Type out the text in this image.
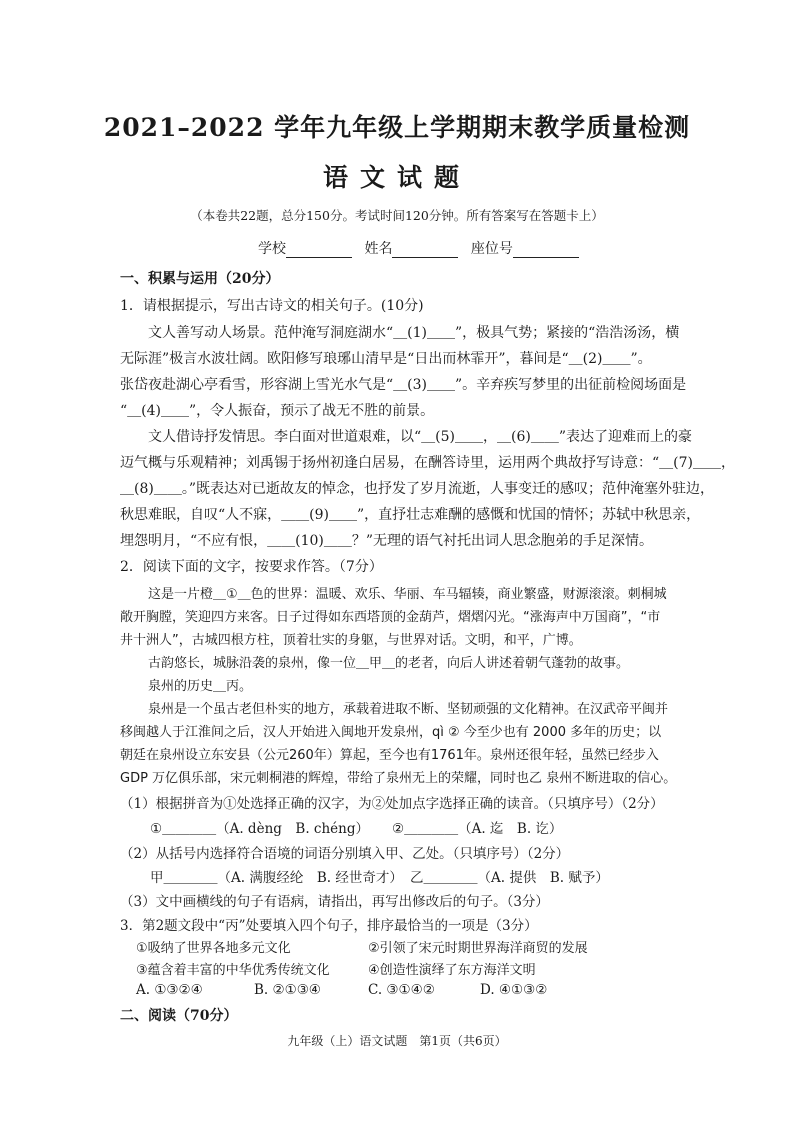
2021–2022 学年九年级上学期期末教学质量检测
语文试题
（本卷共22题，总分150分。考试时间120分钟。所有答案写在答题卡上）
学校	姓名	座位号
一、积累与运用（20分）
1．请根据提示，写出古诗文的相关句子。(10分)
文人善写动人场景。范仲淹写洞庭湖水“＿(1)＿＿”，极具气势；紧接的“浩浩汤汤，横
无际涯”极言水波壮阔。欧阳修写琅琊山清早是“日出而林霏开”，暮间是“＿(2)＿＿”。
张岱夜赴湖心亭看雪，形容湖上雪光水气是“＿(3)＿＿”。辛弃疾写梦里的出征前检阅场面是
“＿(4)＿＿”，令人振奋，预示了战无不胜的前景。
文人借诗抒发情思。李白面对世道艰难，以“＿(5)＿＿，＿(6)＿＿”表达了迎难而上的豪
迈气概与乐观精神；刘禹锡于扬州初逢白居易，在酬答诗里，运用两个典故抒写诗意：“＿(7)＿＿，
＿(8)＿＿。”既表达对已逝故友的悼念，也抒发了岁月流逝，人事变迁的感叹；范仲淹塞外驻边，
秋思难眠，自叹“人不寐，＿＿(9)＿＿”，直抒壮志难酬的感慨和忧国的情怀；苏轼中秋思亲，
埋怨明月，“不应有恨，＿＿(10)＿＿？”无理的语气衬托出词人思念胞弟的手足深情。
2．阅读下面的文字，按要求作答。（7分）
这是一片橙＿①＿色的世界：温暖、欢乐、华丽、车马辐辏，商业繁盛，财源滚滚。刺桐城
敞开胸膛，笑迎四方来客。日子过得如东西塔顶的金葫芦，熠熠闪光。“涨海声中万国商”，“市
井十洲人”，古城四根方柱，顶着壮实的身躯，与世界对话。文明，和平，广博。
古韵悠长，城脉沿袭的泉州，像一位＿甲＿的老者，向后人讲述着朝气蓬勃的故事。
泉州的历史＿丙。
泉州是一个虽古老但朴实的地方，承载着进取不断、坚韧顽强的文化精神。在汉武帝平闽并
移闽越人于江淮间之后，汉人开始进入闽地开发泉州，qì ② 今至少也有 2000 多年的历史；以
朝廷在泉州设立东安县（公元260年）算起，至今也有1761年。泉州还很年轻，虽然已经步入
GDP 万亿俱乐部，宋元刺桐港的辉煌，带给了泉州无上的荣耀，同时也乙 泉州不断进取的信心。
（1）根据拼音为①处选择正确的汉字，为②处加点字选择正确的读音。（只填序号）（2分）
①＿＿＿＿（A. dèng　B. chéng） ②＿＿＿＿（A. 迄　B. 讫）
（2）从括号内选择符合语境的词语分别填入甲、乙处。（只填序号）（2分）
甲＿＿＿＿（A. 满腹经纶　B. 经世奇才） 乙＿＿＿＿（A. 提供　B. 赋予）
（3）文中画横线的句子有语病，请指出，再写出修改后的句子。（3分）
3．第2题文段中“丙”处要填入四个句子，排序最恰当的一项是（3分）
①吸纳了世界各地多元文化	②引领了宋元时期世界海洋商贸的发展
③蕴含着丰富的中华优秀传统文化	④创造性演绎了东方海洋文明
A. ①③②④	B. ②①③④	C. ③①④②	D. ④①③②
二、阅读（70分）
九年级（上）语文试题　第1页（共6页）
